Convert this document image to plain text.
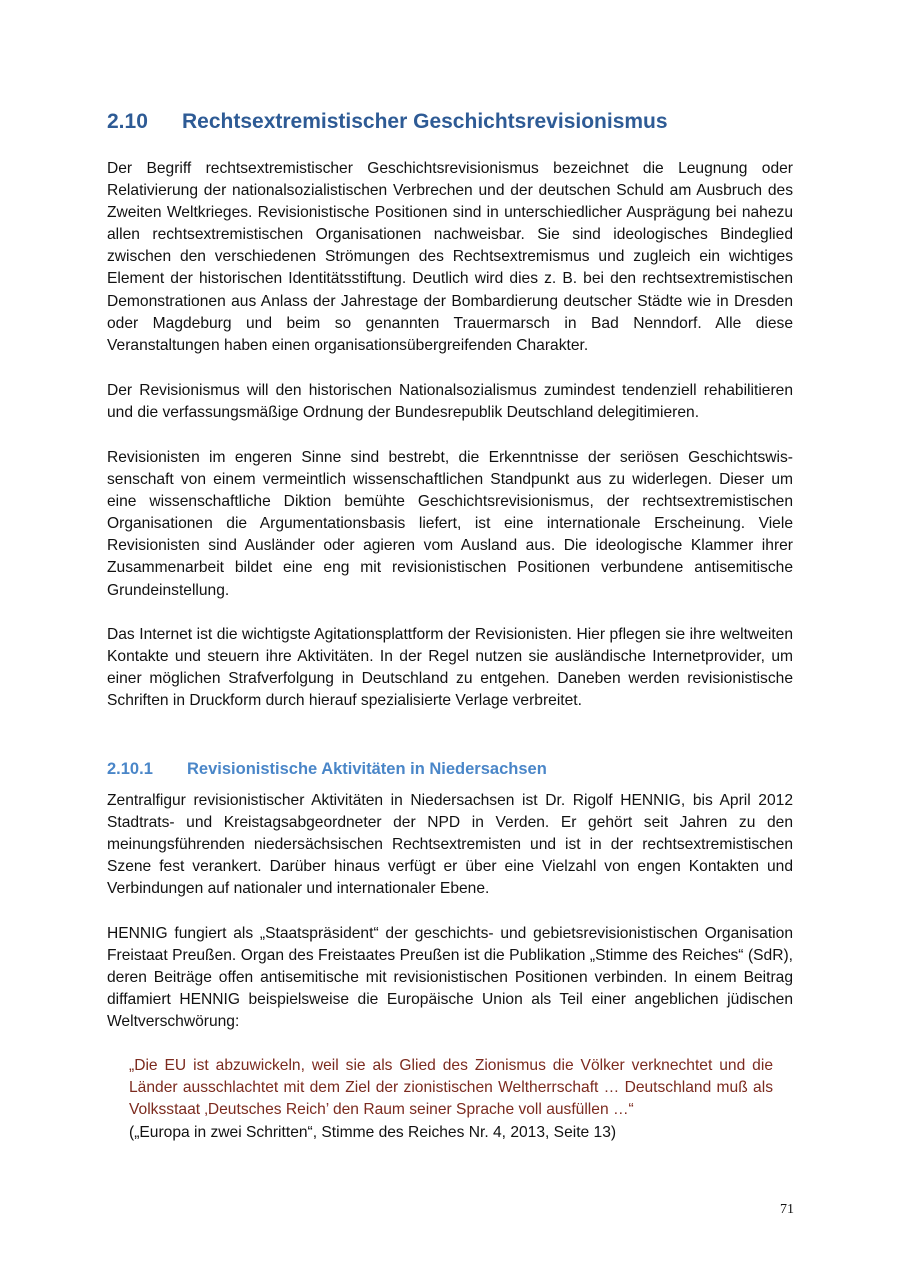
2.10 Rechtsextremistischer Geschichtsrevisionismus

Der Begriff rechtsextremistischer Geschichtsrevisionismus bezeichnet die Leugnung oder Relativierung der nationalsozialistischen Verbrechen und der deutschen Schuld am Ausbruch des Zweiten Weltkrieges. Revisionistische Positionen sind in unterschiedlicher Ausprägung bei nahezu allen rechtsextremistischen Organisationen nachweisbar. Sie sind ideologisches Bindeglied zwischen den verschiedenen Strömungen des Rechtsextremismus und zugleich ein wichtiges Element der historischen Identitätsstiftung. Deutlich wird dies z. B. bei den rechtsextremistischen Demonstrationen aus Anlass der Jahrestage der Bombardierung deutscher Städte wie in Dresden oder Magdeburg und beim so genannten Trauermarsch in Bad Nenndorf. Alle diese Veranstaltungen haben einen organisationsübergreifenden Charakter.

Der Revisionismus will den historischen Nationalsozialismus zumindest tendenziell rehabilitieren und die verfassungsmäßige Ordnung der Bundesrepublik Deutschland delegitimieren.

Revisionisten im engeren Sinne sind bestrebt, die Erkenntnisse der seriösen Geschichtswissenschaft von einem vermeintlich wissenschaftlichen Standpunkt aus zu widerlegen. Dieser um eine wissenschaftliche Diktion bemühte Geschichtsrevisionismus, der rechtsextremistischen Organisationen die Argumentationsbasis liefert, ist eine internationale Erscheinung. Viele Revisionisten sind Ausländer oder agieren vom Ausland aus. Die ideologische Klammer ihrer Zusammenarbeit bildet eine eng mit revisionistischen Positionen verbundene antisemitische Grundeinstellung.

Das Internet ist die wichtigste Agitationsplattform der Revisionisten. Hier pflegen sie ihre weltweiten Kontakte und steuern ihre Aktivitäten. In der Regel nutzen sie ausländische Internetprovider, um einer möglichen Strafverfolgung in Deutschland zu entgehen. Daneben werden revisionistische Schriften in Druckform durch hierauf spezialisierte Verlage verbreitet.

2.10.1 Revisionistische Aktivitäten in Niedersachsen

Zentralfigur revisionistischer Aktivitäten in Niedersachsen ist Dr. Rigolf HENNIG, bis April 2012 Stadtrats- und Kreistagsabgeordneter der NPD in Verden. Er gehört seit Jahren zu den meinungsführenden niedersächsischen Rechtsextremisten und ist in der rechtsextremistischen Szene fest verankert. Darüber hinaus verfügt er über eine Vielzahl von engen Kontakten und Verbindungen auf nationaler und internationaler Ebene.

HENNIG fungiert als „Staatspräsident“ der geschichts- und gebietsrevisionistischen Organisation Freistaat Preußen. Organ des Freistaates Preußen ist die Publikation „Stimme des Reiches“ (SdR), deren Beiträge offen antisemitische mit revisionistischen Positionen verbinden. In einem Beitrag diffamiert HENNIG beispielsweise die Europäische Union als Teil einer angeblichen jüdischen Weltverschwörung:

„Die EU ist abzuwickeln, weil sie als Glied des Zionismus die Völker verknechtet und die Länder ausschlachtet mit dem Ziel der zionistischen Weltherrschaft … Deutschland muß als Volksstaat ‚Deutsches Reich’ den Raum seiner Sprache voll ausfüllen …“

(„Europa in zwei Schritten“, Stimme des Reiches Nr. 4, 2013, Seite 13)

71
